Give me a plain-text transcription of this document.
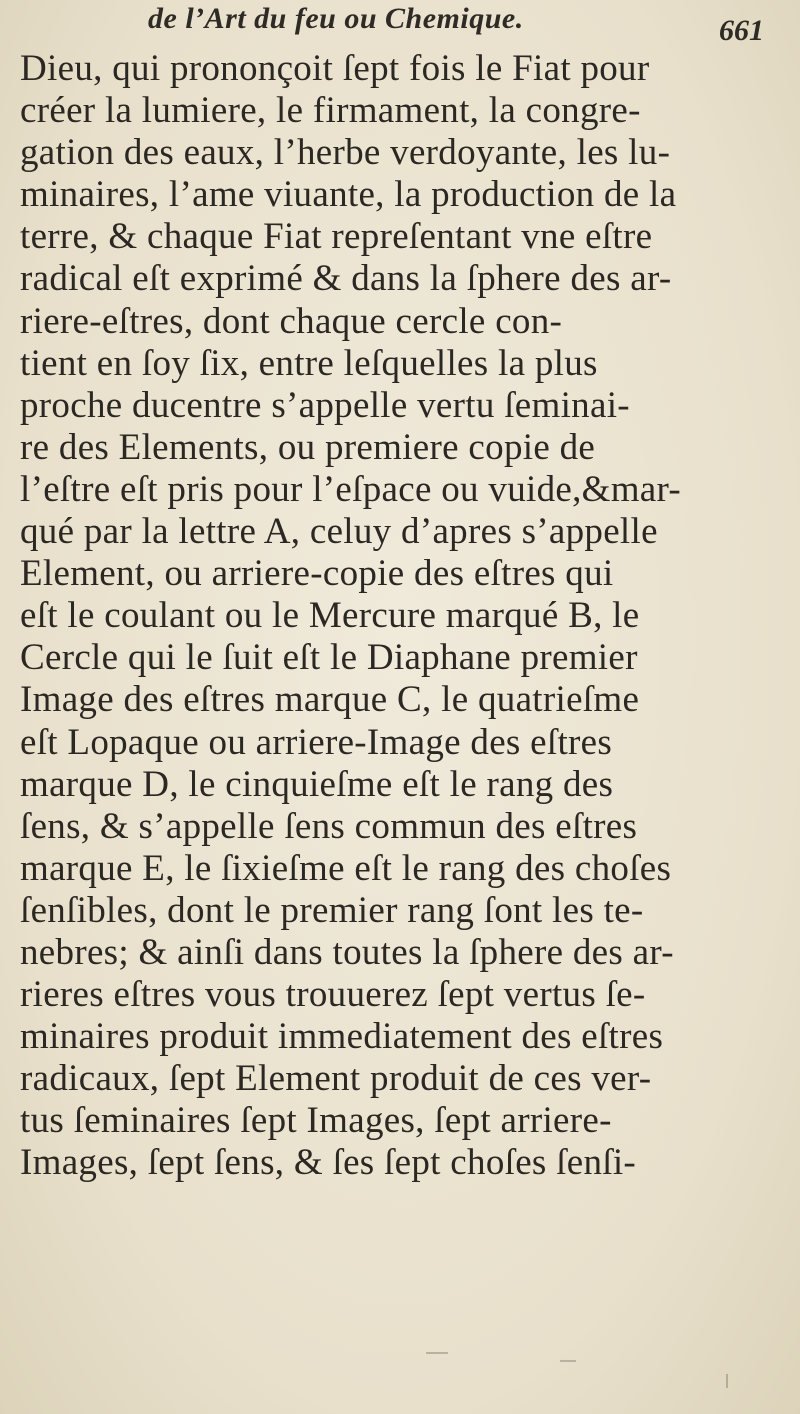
de l’Art du feu ou Chemique.	661
Dieu, qui prononçoit ſept fois le Fiat pour
créer la lumiere, le firmament, la congre-
gation des eaux, l’herbe verdoyante, les lu-
minaires, l’ame viuante, la production de la
terre, & chaque Fiat repreſentant vne eſtre
radical eſt exprimé & dans la ſphere des ar-
riere-eſtres, dont chaque cercle con-
tient en ſoy ſix, entre leſquelles la plus
proche ducentre s’appelle vertu ſeminai-
re des Elements, ou premiere copie de
l’eſtre eſt pris pour l’eſpace ou vuide,&mar-
qué par la lettre A, celuy d’apres s’appelle
Element, ou arriere-copie des eſtres qui
eſt le coulant ou le Mercure marqué B, le
Cercle qui le ſuit eſt le Diaphane premier
Image des eſtres marque C, le quatrieſme
eſt Lopaque ou arriere-Image des eſtres
marque D, le cinquieſme eſt le rang des
ſens, & s’appelle ſens commun des eſtres
marque E, le ſixieſme eſt le rang des choſes
ſenſibles, dont le premier rang ſont les te-
nebres; & ainſi dans toutes la ſphere des ar-
rieres eſtres vous trouuerez ſept vertus ſe-
minaires produit immediatement des eſtres
radicaux, ſept Element produit de ces ver-
tus ſeminaires ſept Images, ſept arriere-
Images, ſept ſens, & ſes ſept choſes ſenſi-
